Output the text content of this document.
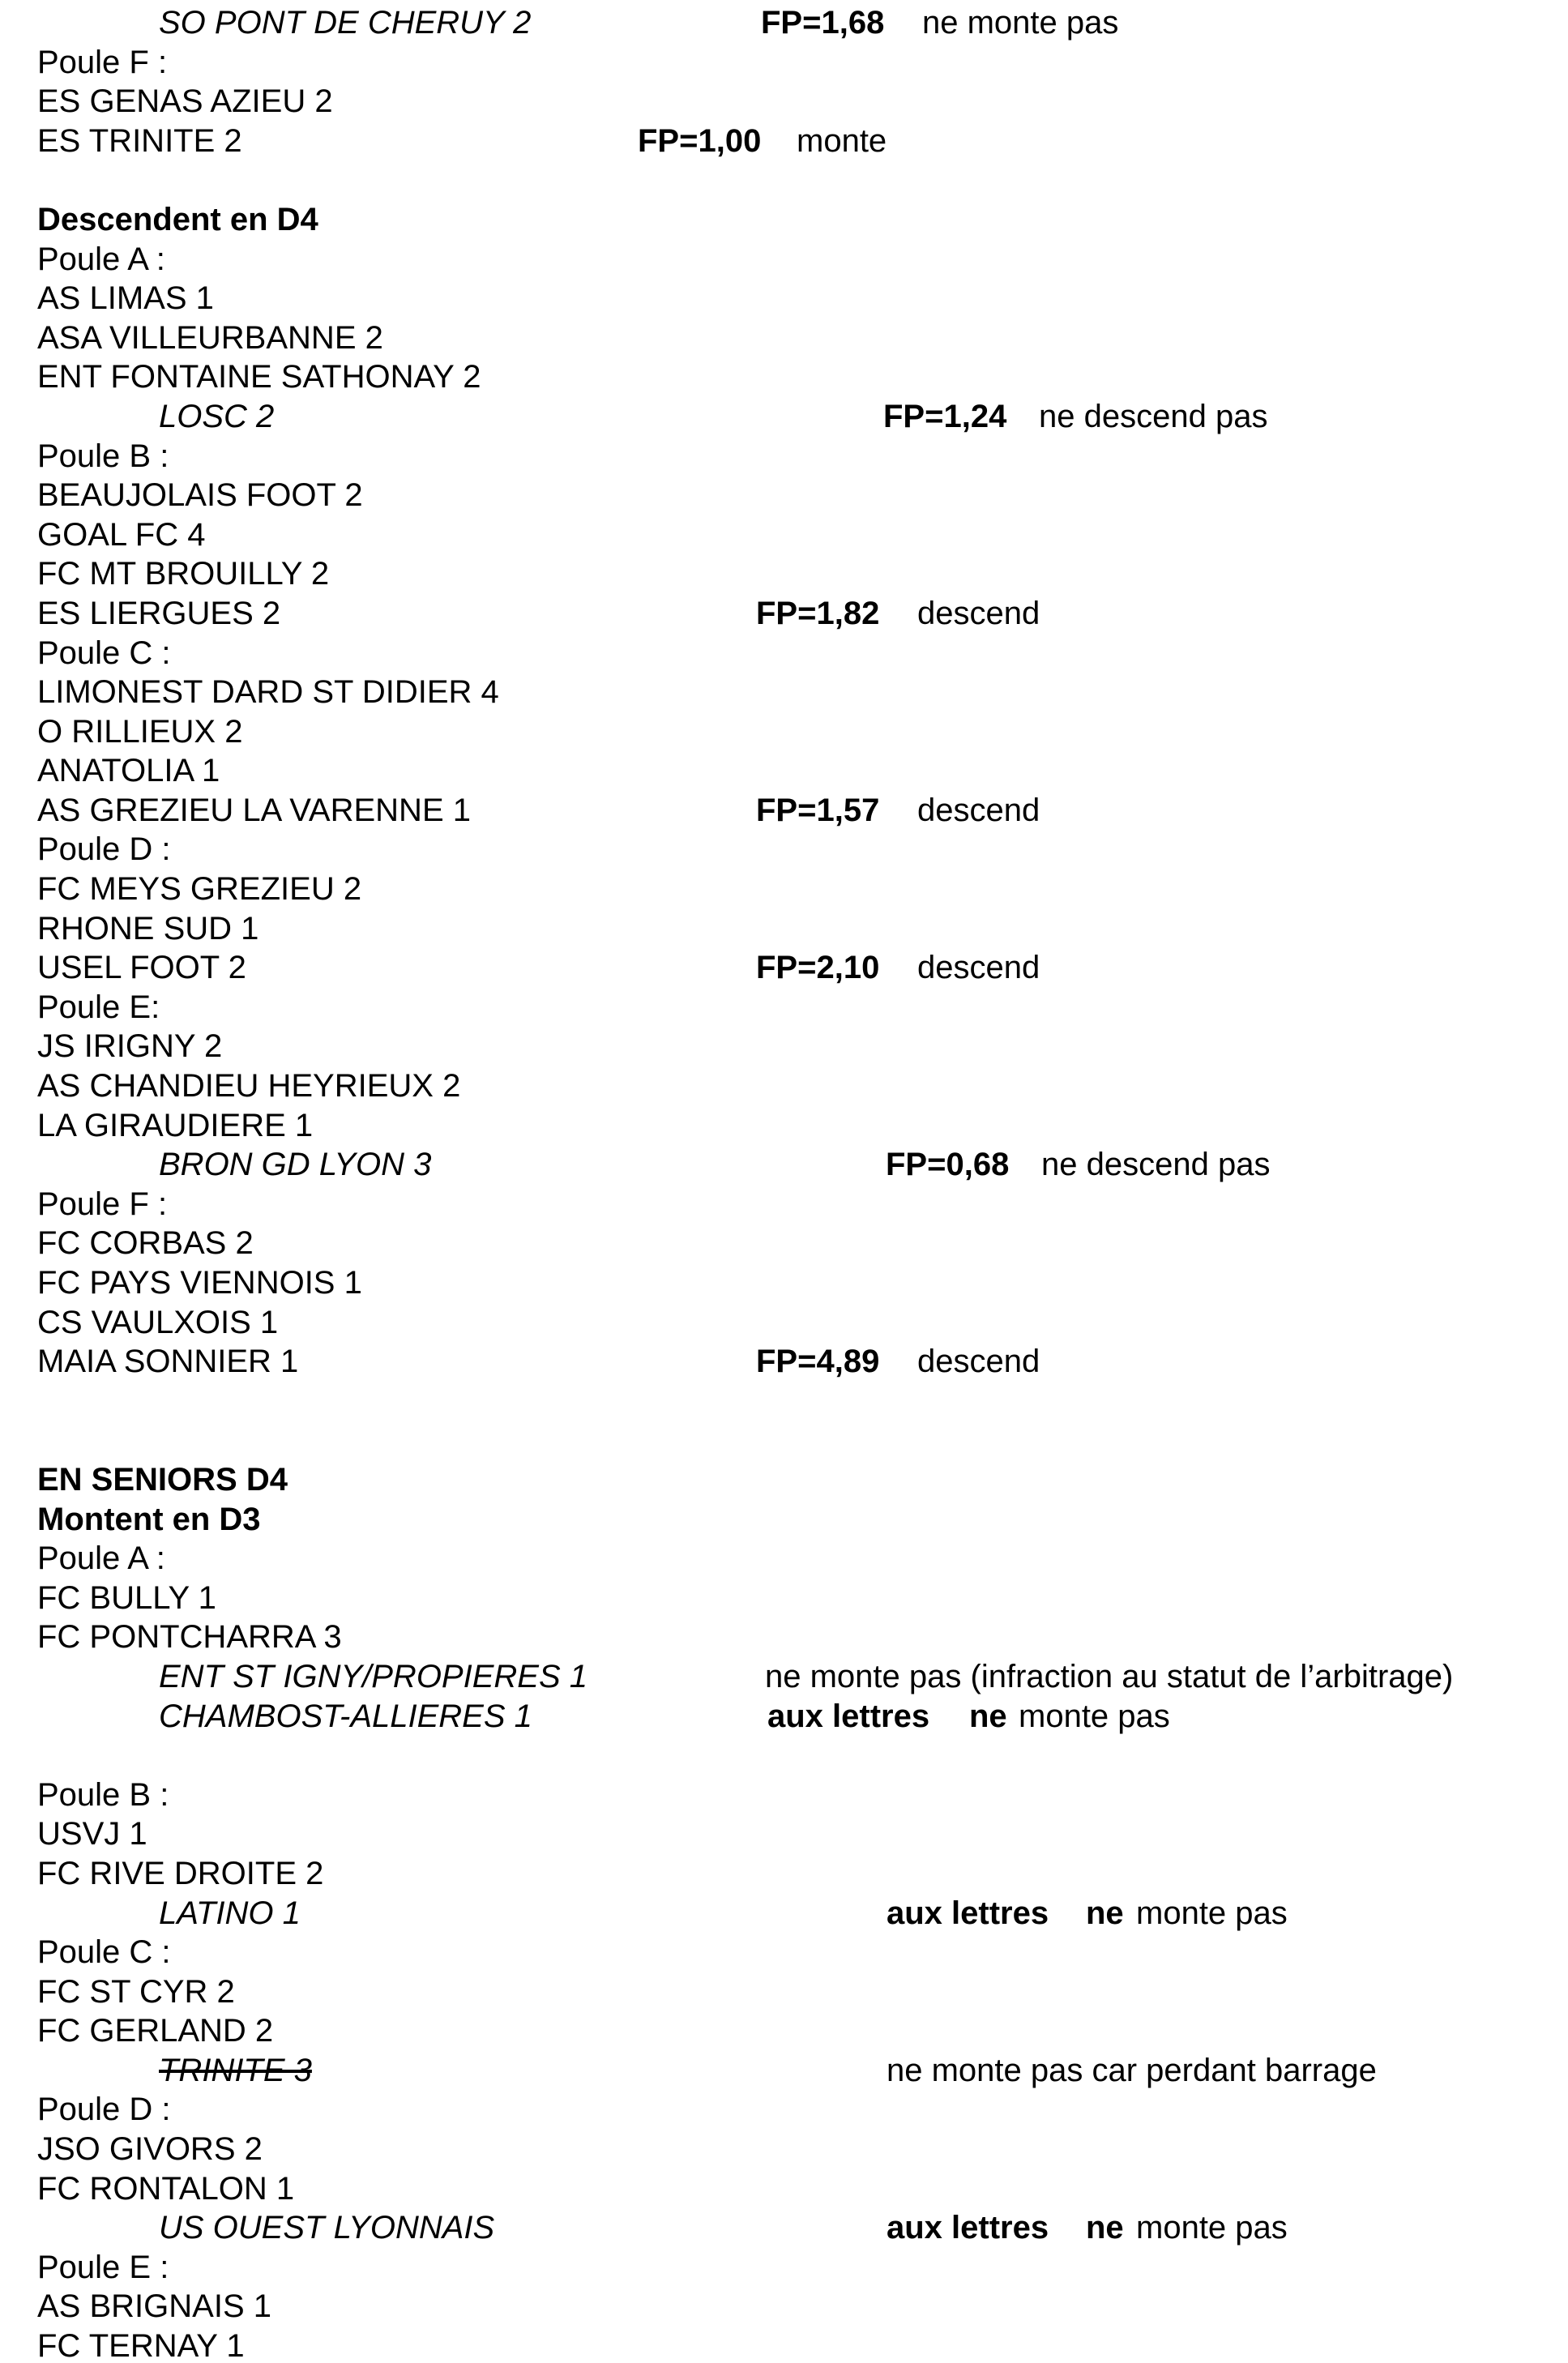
SO PONT DE CHERUY 2	FP=1,68 ne monte pas
Poule F :
ES GENAS AZIEU 2
ES TRINITE 2	FP=1,00 monte
Descendent en D4
Poule A :
AS LIMAS 1
ASA VILLEURBANNE 2
ENT FONTAINE SATHONAY 2
LOSC 2	FP=1,24 ne descend pas
Poule B :
BEAUJOLAIS FOOT 2
GOAL FC 4
FC MT BROUILLY 2
ES LIERGUES 2	FP=1,82 descend
Poule C :
LIMONEST DARD ST DIDIER 4
O RILLIEUX 2
ANATOLIA 1
AS GREZIEU LA VARENNE 1	FP=1,57 descend
Poule D :
FC MEYS GREZIEU 2
RHONE SUD 1
USEL FOOT 2	FP=2,10 descend
Poule E:
JS IRIGNY 2
AS CHANDIEU HEYRIEUX 2
LA GIRAUDIERE 1
BRON GD LYON 3	FP=0,68 ne descend pas
Poule F :
FC CORBAS 2
FC PAYS VIENNOIS 1
CS VAULXOIS 1
MAIA SONNIER 1	FP=4,89 descend
EN SENIORS D4
Montent en D3
Poule A :
FC BULLY 1
FC PONTCHARRA 3
ENT ST IGNY/PROPIERES 1	ne monte pas (infraction au statut de l’arbitrage)
CHAMBOST-ALLIERES 1	aux lettres ne monte pas
Poule B :
USVJ 1
FC RIVE DROITE 2
LATINO 1	aux lettres ne monte pas
Poule C :
FC ST CYR 2
FC GERLAND 2
TRINITE 3	ne monte pas car perdant barrage
Poule D :
JSO GIVORS 2
FC RONTALON 1
US OUEST LYONNAIS	aux lettres ne monte pas
Poule E :
AS BRIGNAIS 1
FC TERNAY 1
